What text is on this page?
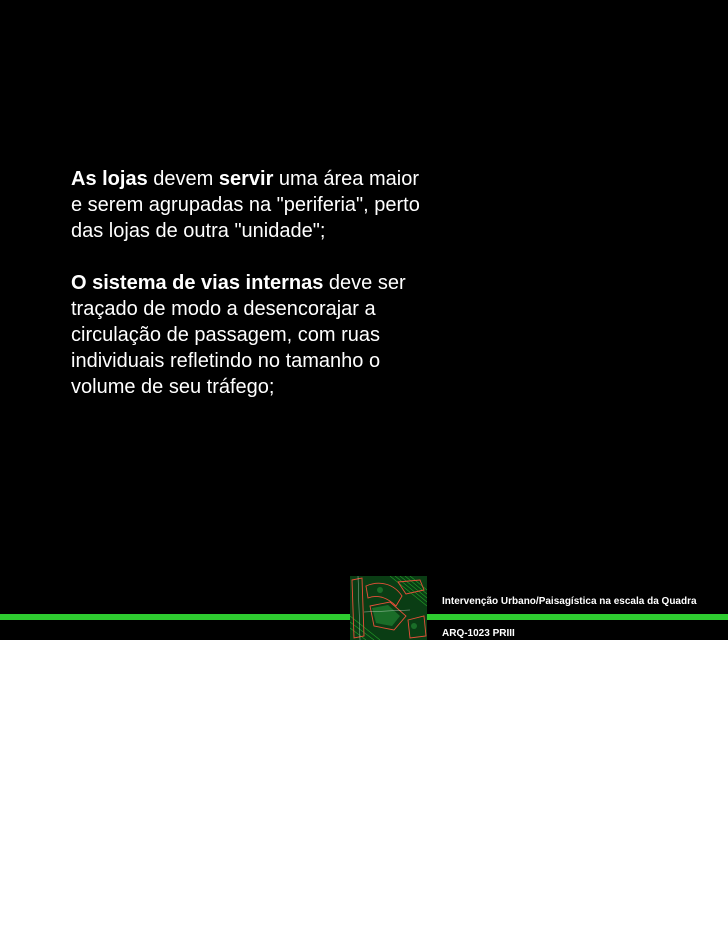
As lojas devem servir uma área maior e serem agrupadas na "periferia", perto das lojas de outra "unidade";

O sistema de vias internas deve ser traçado de modo a desencorajar a circulação de passagem, com ruas individuais refletindo no tamanho o volume de seu tráfego;

Intervenção Urbano/Paisagística na escala da Quadra
ARQ-1023 PRIII
